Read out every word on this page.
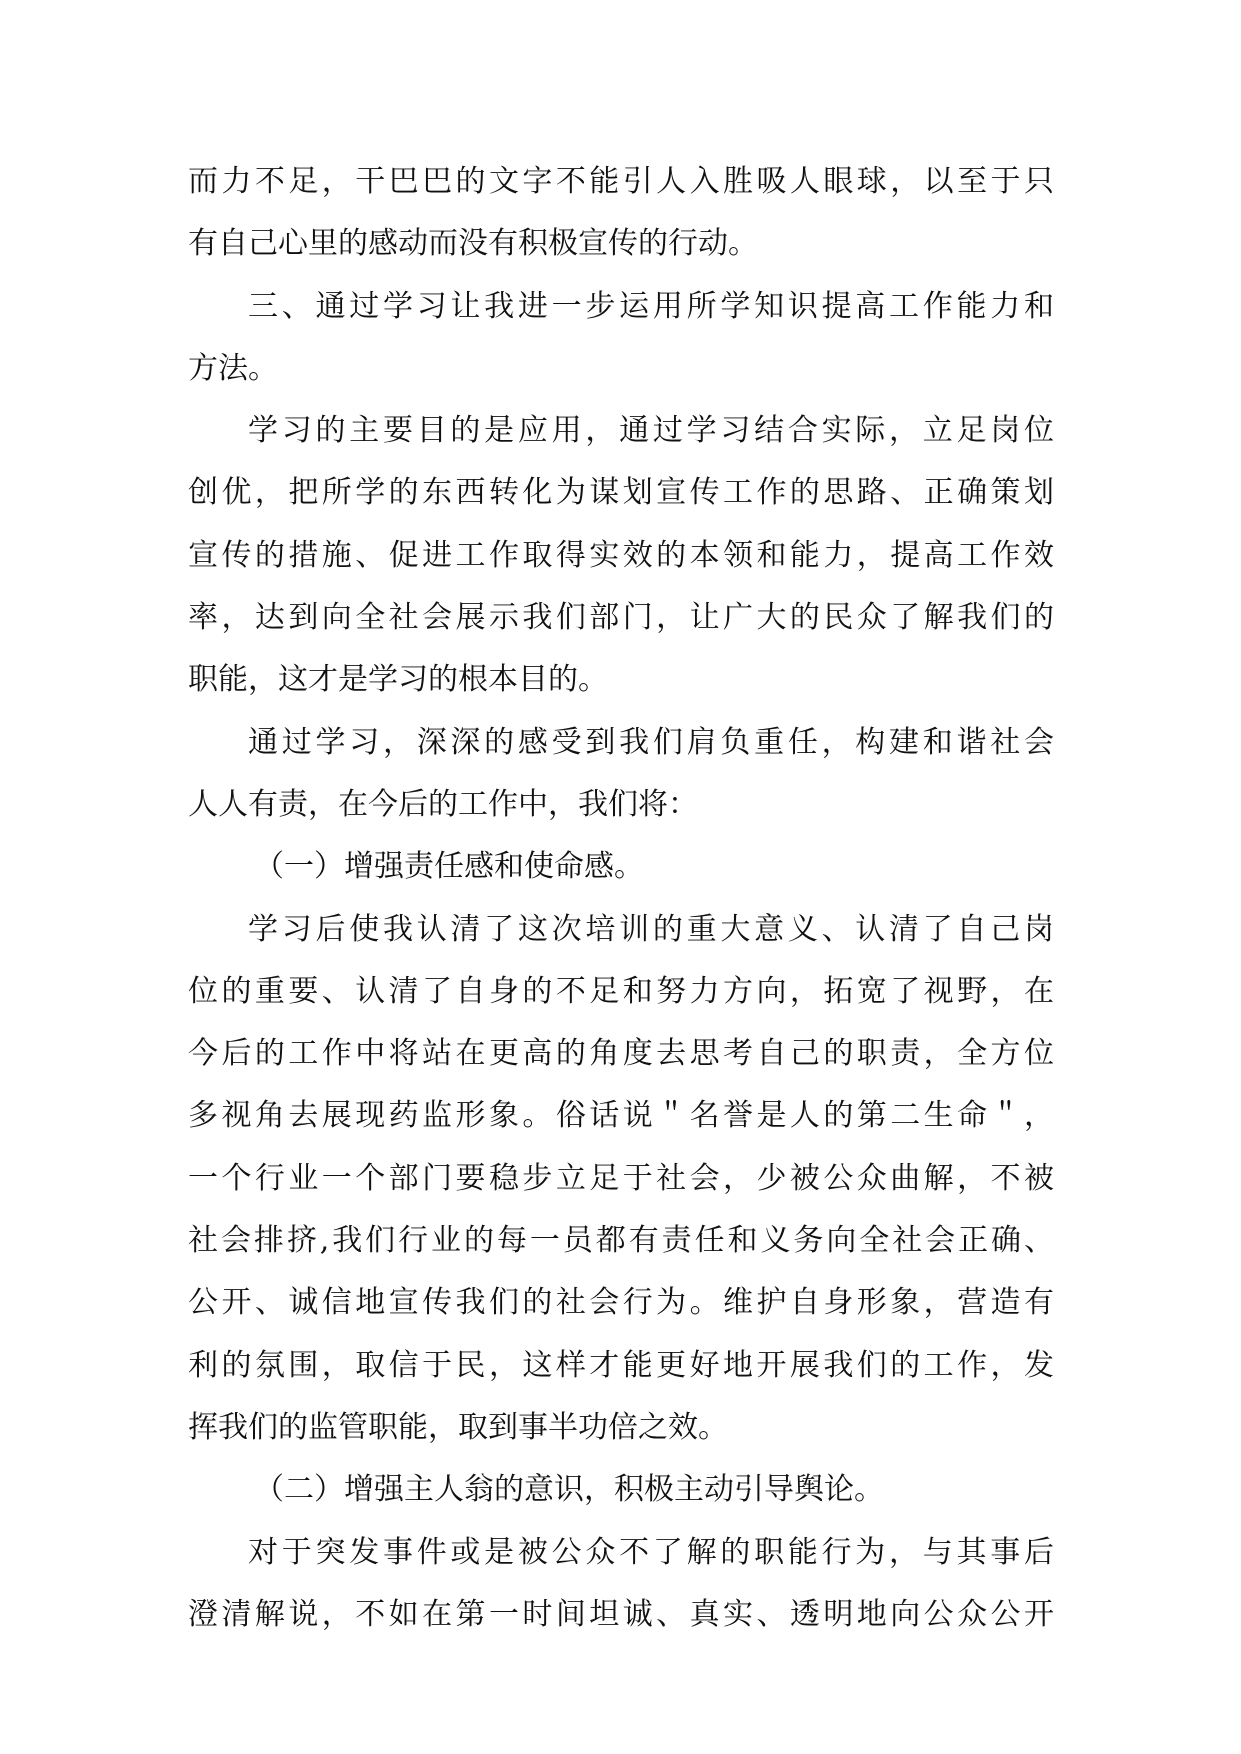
而力不足，干巴巴的文字不能引人入胜吸人眼球，以至于只
有自己心里的感动而没有积极宣传的行动。
三、通过学习让我进一步运用所学知识提高工作能力和
方法。
学习的主要目的是应用，通过学习结合实际，立足岗位
创优，把所学的东西转化为谋划宣传工作的思路、正确策划
宣传的措施、促进工作取得实效的本领和能力，提高工作效
率，达到向全社会展示我们部门，让广大的民众了解我们的
职能，这才是学习的根本目的。
通过学习，深深的感受到我们肩负重任，构建和谐社会
人人有责，在今后的工作中，我们将：
（一）增强责任感和使命感。
学习后使我认清了这次培训的重大意义、认清了自己岗
位的重要、认清了自身的不足和努力方向，拓宽了视野，在
今后的工作中将站在更高的角度去思考自己的职责，全方位
多视角去展现药监形象。俗话说＂名誉是人的第二生命＂，
一个行业一个部门要稳步立足于社会，少被公众曲解，不被
社会排挤,我们行业的每一员都有责任和义务向全社会正确、
公开、诚信地宣传我们的社会行为。维护自身形象，营造有
利的氛围，取信于民，这样才能更好地开展我们的工作，发
挥我们的监管职能，取到事半功倍之效。
（二）增强主人翁的意识，积极主动引导舆论。
对于突发事件或是被公众不了解的职能行为，与其事后
澄清解说，不如在第一时间坦诚、真实、透明地向公众公开
